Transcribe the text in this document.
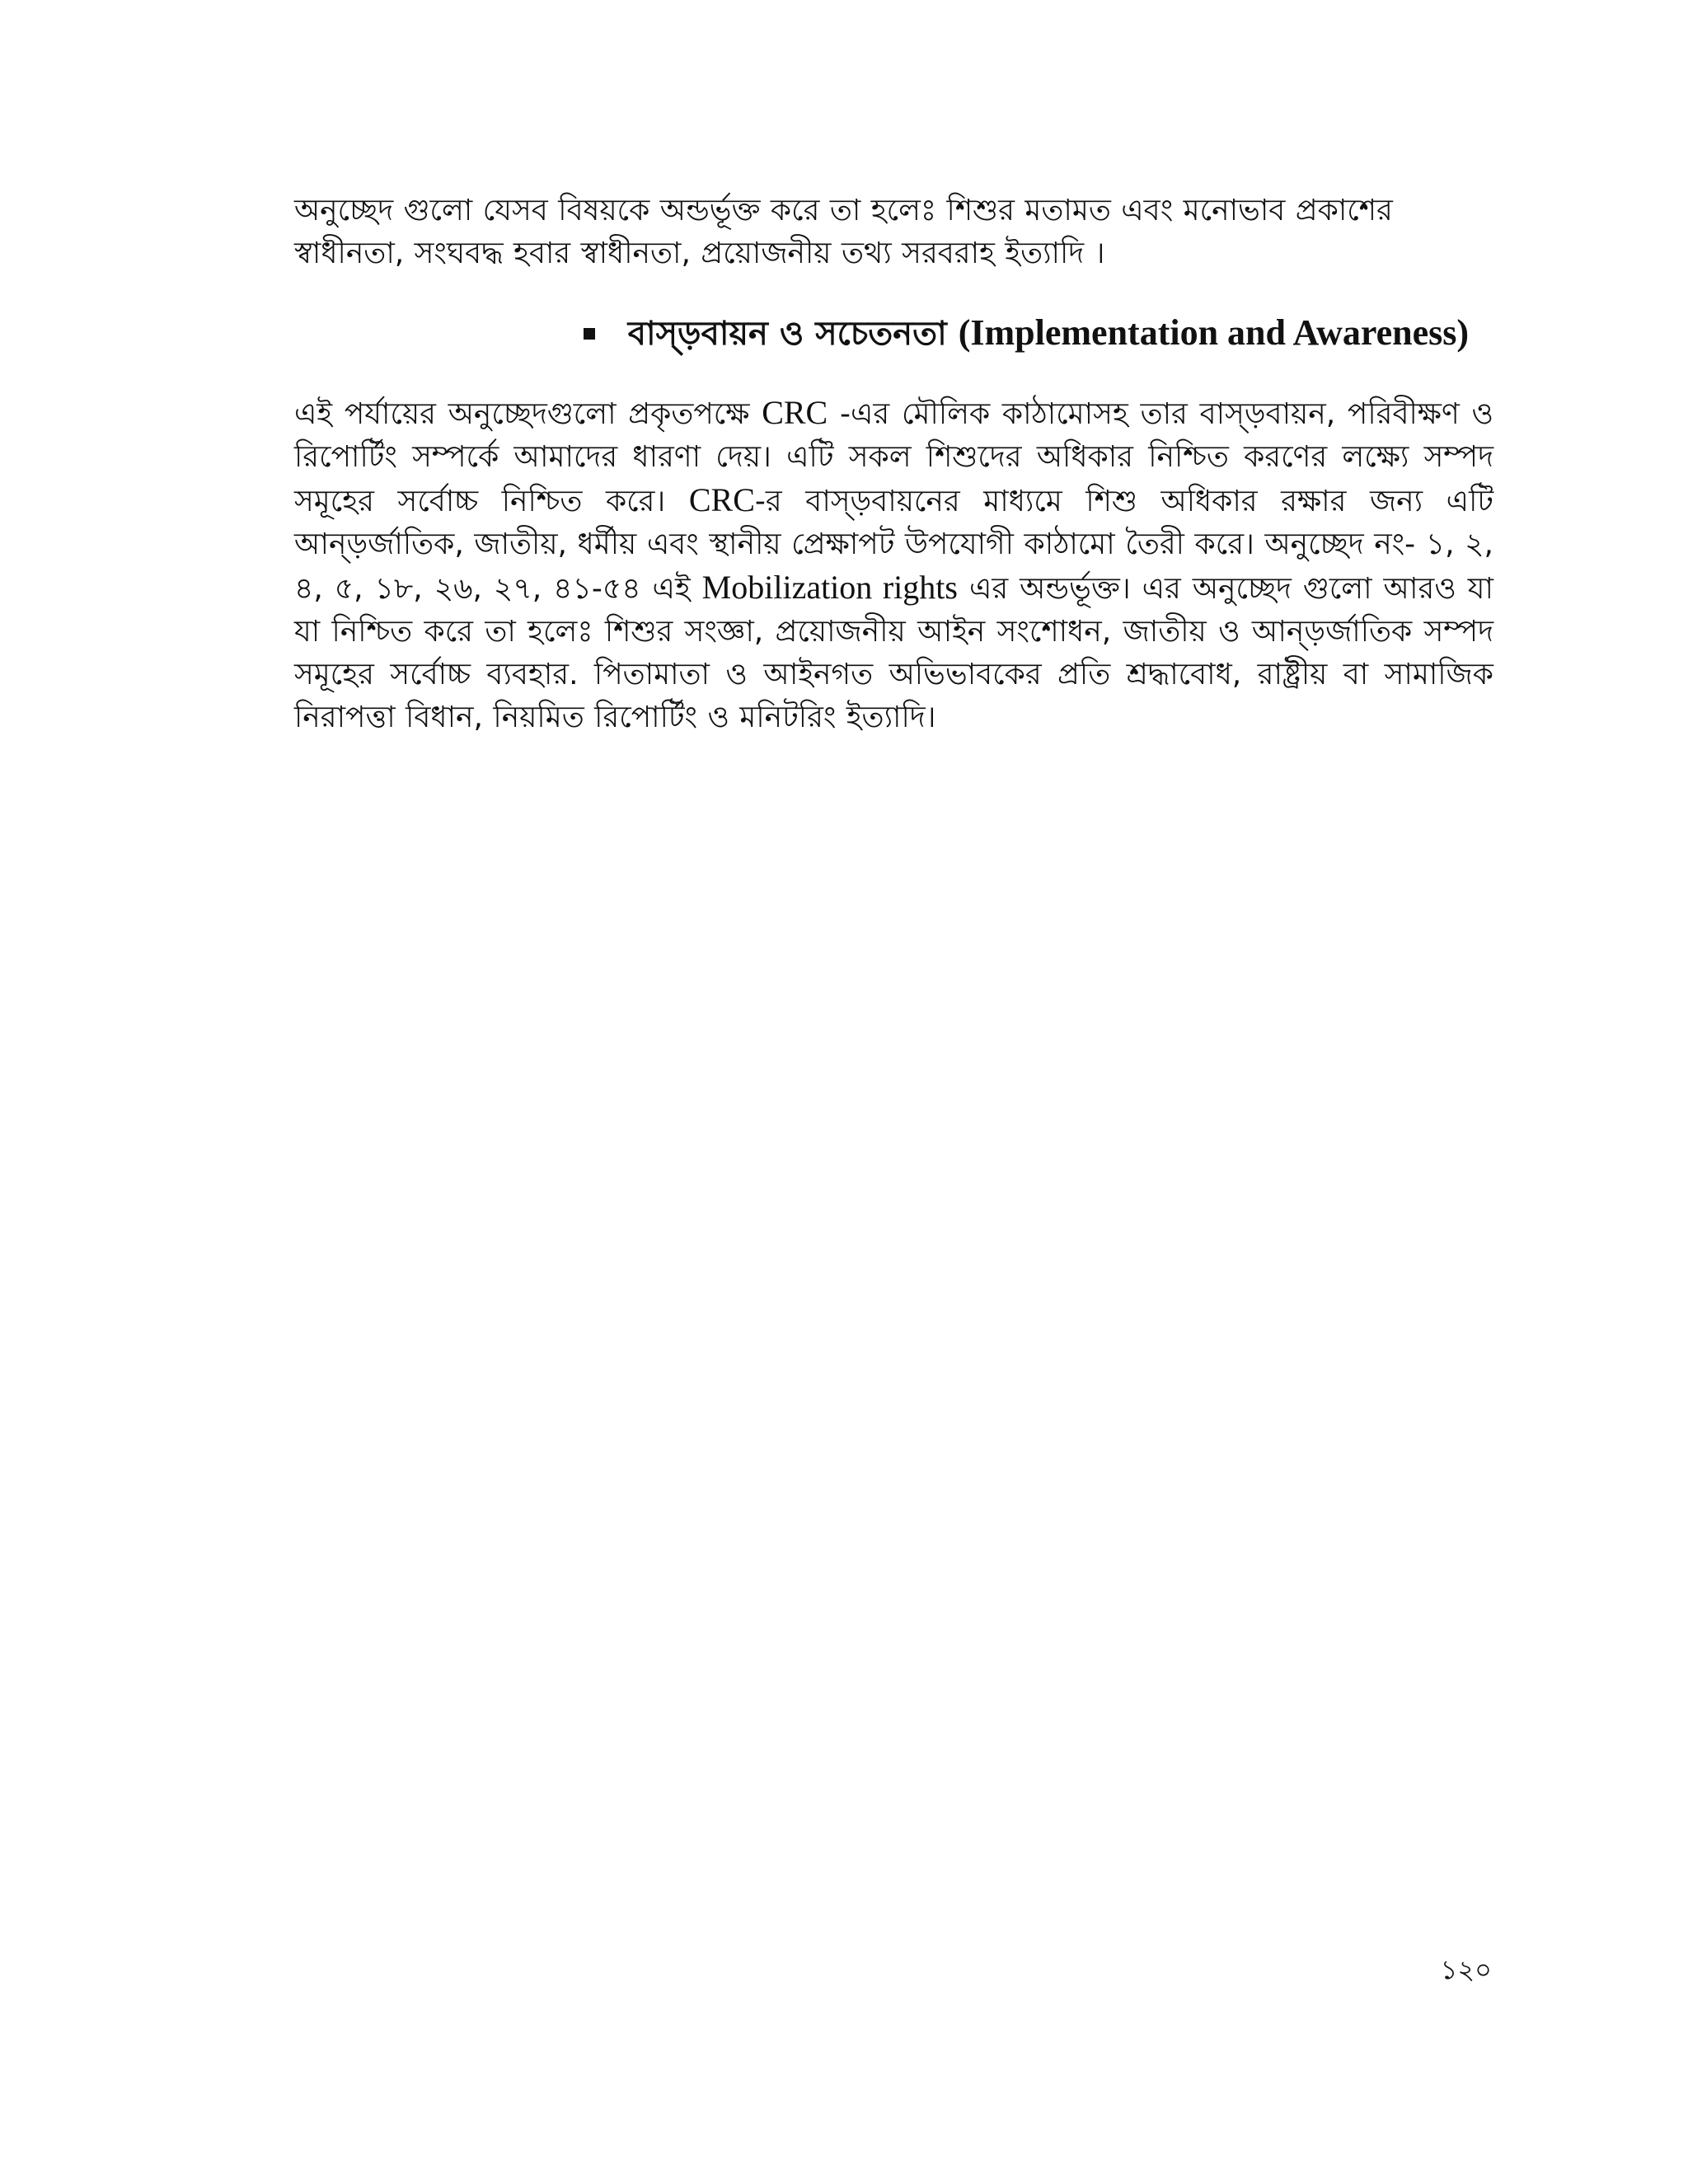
অনুচ্ছেদ গুলো যেসব বিষয়কে অন্ডর্ভূক্ত করে তা হলেঃ শিশুর মতামত এবং মনোভাব প্রকাশের স্বাধীনতা, সংঘবদ্ধ হবার স্বাধীনতা, প্রয়োজনীয় তথ্য সরবরাহ ইত্যাদি ।

বাস্ড়বায়ন ও সচেতনতা (Implementation and Awareness)

এই পর্যায়ের অনুচ্ছেদগুলো প্রকৃতপক্ষে CRC -এর মৌলিক কাঠামোসহ তার বাস্ড়বায়ন, পরিবীক্ষণ ও রিপোর্টিং সম্পর্কে আমাদের ধারণা দেয়। এটি সকল শিশুদের অধিকার নিশ্চিত করণের লক্ষ্যে সম্পদ সমূহের সর্বোচ্চ নিশ্চিত করে। CRC-র বাস্ড়বায়নের মাধ্যমে শিশু অধিকার রক্ষার জন্য এটি আন্ড়র্জাতিক, জাতীয়, ধর্মীয় এবং স্থানীয় প্রেক্ষাপট উপযোগী কাঠামো তৈরী করে। অনুচ্ছেদ নং- ১, ২, ৪, ৫, ১৮, ২৬, ২৭, ৪১-৫৪ এই Mobilization rights এর অন্ডর্ভূক্ত। এর অনুচ্ছেদ গুলো আরও যা যা নিশ্চিত করে তা হলেঃ শিশুর সংজ্ঞা, প্রয়োজনীয় আইন সংশোধন, জাতীয় ও আন্ড়র্জাতিক সম্পদ সমূহের সর্বোচ্চ ব্যবহার. পিতামাতা ও আইনগত অভিভাবকের প্রতি শ্রদ্ধাবোধ, রাষ্ট্রীয় বা সামাজিক নিরাপত্তা বিধান, নিয়মিত রিপোর্টিং ও মনিটরিং ইত্যাদি।

১২০
